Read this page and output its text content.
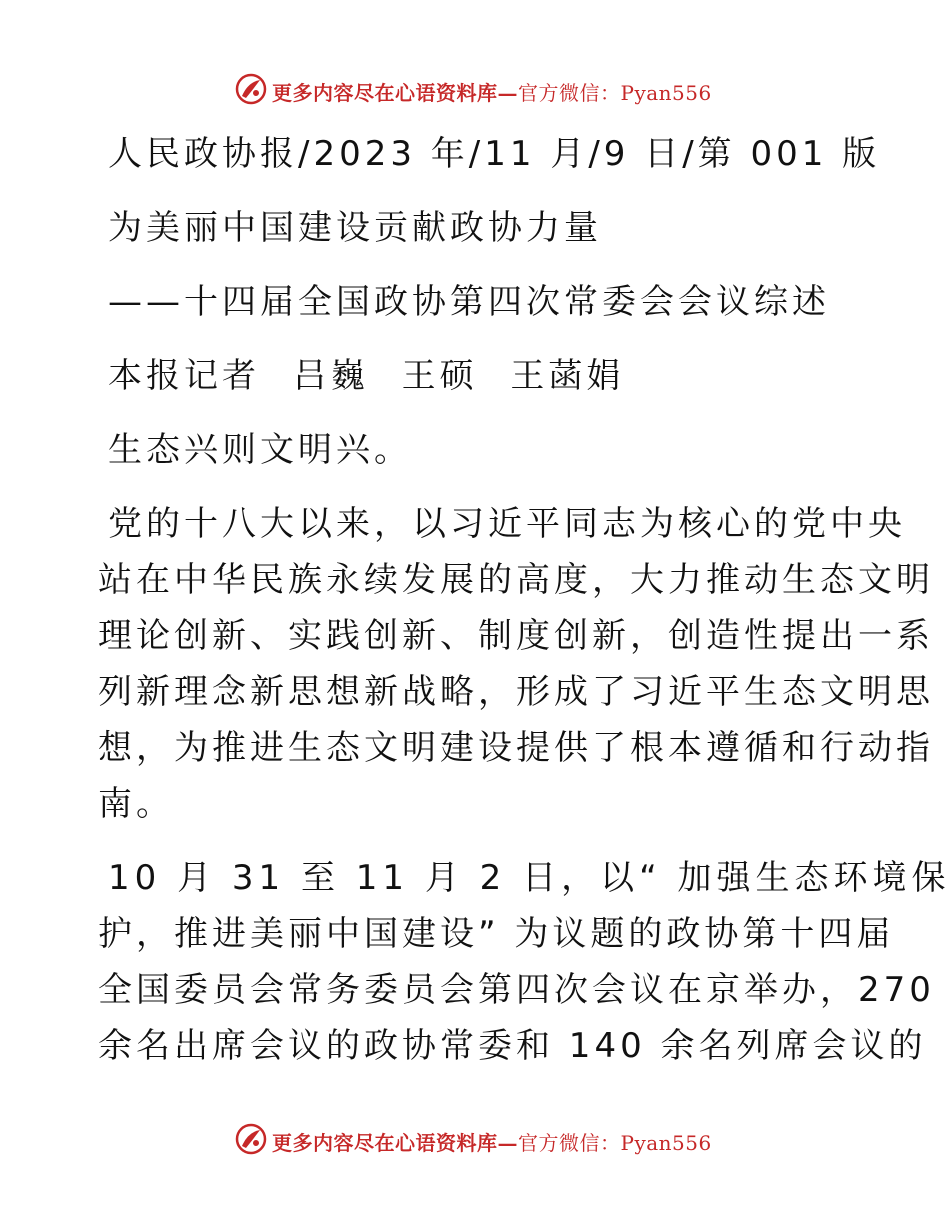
更多内容尽在心语资料库—官方微信：Pyan556
人民政协报/2023 年/11 月/9 日/第 001 版
为美丽中国建设贡献政协力量
——十四届全国政协第四次常委会会议综述
本报记者 吕巍 王硕 王菡娟
生态兴则文明兴。
党的十八大以来，以习近平同志为核心的党中央
站在中华民族永续发展的高度，大力推动生态文明
理论创新、实践创新、制度创新，创造性提出一系
列新理念新思想新战略，形成了习近平生态文明思
想，为推进生态文明建设提供了根本遵循和行动指
南。
10 月 31 至 11 月 2 日，以“ 加强生态环境保
护，推进美丽中国建设” 为议题的政协第十四届
全国委员会常务委员会第四次会议在京举办，270
余名出席会议的政协常委和 140 余名列席会议的
更多内容尽在心语资料库—官方微信：Pyan556
